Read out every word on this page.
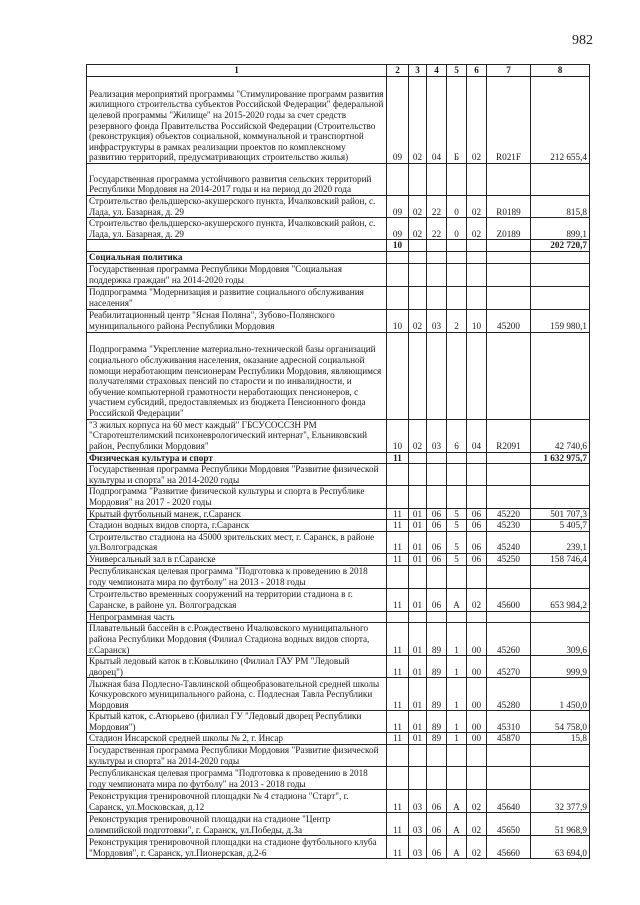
982
1	2	3	4	5	6	7	8
Реализация мероприятий программы "Стимулирование программ развития жилищного строительства субъектов Российской Федерации" федеральной целевой программы "Жилище" на 2015-2020 годы за счет средств резервного фонда Правительства Российской Федерации (Строительство (реконструкция) объектов социальной, коммунальной и транспортной инфраструктуры в рамках реализации проектов по комплексному развитию территорий, предусматривающих строительство жилья)	09	02	04	Б	02	R021F	212 655,4
Государственная программа устойчивого развития сельских территорий Республики Мордовия на 2014-2017 годы и на период до 2020 года							
Строительство фельдшерско-акушерского пункта, Ичалковский район, с. Лада, ул. Базарная, д. 29	09	02	22	0	02	R0189	815,8
Строительство фельдшерско-акушерского пункта, Ичалковский район, с. Лада, ул. Базарная, д. 29	09	02	22	0	02	Z0189	899,1
	10						202 720,7
Социальная политика							
Государственная программа Республики Мордовия "Социальная поддержка граждан" на 2014-2020 годы							
Подпрограмма "Модернизация и развитие социального обслуживания населения"							
Реабилитационный центр "Ясная Поляна", Зубово-Полянского муниципального района Республики Мордовия	10	02	03	2	10	45200	159 980,1
Подпрограмма "Укрепление материально-технической базы организаций социального обслуживания населения, оказание адресной социальной помощи неработающим пенсионерам Республики Мордовия, являющимся получателями страховых пенсий по старости и по инвалидности, и обучение компьютерной грамотности неработающих пенсионеров, с участием субсидий, предоставляемых из бюджета Пенсионного фонда Российской Федерации"							
"3 жилых корпуса на 60 мест каждый" ГБСУСОССЗН РМ "Старотештелимский психоневрологический интернат", Ельниковский район, Республики Мордовия"	10	02	03	6	04	R2091	42 740,6
Физическая культура и спорт	11						1 632 975,7
Государственная программа Республики Мордовия "Развитие физической культуры и спорта" на 2014-2020 годы							
Подпрограмма "Развитие физической культуры и спорта в Республике Мордовия" на 2017 - 2020 годы							
Крытый футбольный манеж, г.Саранск	11	01	06	5	06	45220	501 707,3
Стадион водных видов спорта, г.Саранск	11	01	06	5	06	45230	5 405,7
Строительство стадиона на 45000 зрительских мест, г. Саранск, в районе ул.Волгоградская	11	01	06	5	06	45240	239,1
Универсальный зал в г.Саранске	11	01	06	5	06	45250	158 746,4
Республиканская целевая программа "Подготовка к проведению в 2018 году чемпионата мира по футболу" на 2013 - 2018 годы							
Строительство временных сооружений на территории стадиона в г. Саранске, в районе ул. Волгоградская	11	01	06	А	02	45600	653 984,2
Непрограммная часть							
Плавательный бассейн в с.Рождествено Ичалковского муниципального района Республики Мордовия (Филиал Стадиона водных видов спорта, г.Саранск)	11	01	89	1	00	45260	309,6
Крытый ледовый каток в г.Ковылкино (Филиал ГАУ РМ "Ледовый дворец")	11	01	89	1	00	45270	999,9
Лыжная база Подлесно-Тавлинской общеобразовательной средней школы Кочкуровского муниципального района, с. Подлесная Тавла Республики Мордовия	11	01	89	1	00	45280	1 450,0
Крытый каток, с.Атюрьево (филиал ГУ "Ледовый дворец Республики Мордовия")	11	01	89	1	00	45310	54 758,0
Стадион Инсарской средней школы № 2, г. Инсар	11	01	89	1	00	45870	15,8
Государственная программа Республики Мордовия "Развитие физической культуры и спорта" на 2014-2020 годы							
Республиканская целевая программа "Подготовка к проведению в 2018 году чемпионата мира по футболу" на 2013 - 2018 годы							
Реконструкция тренировочной площадки № 4 стадиона "Старт", г. Саранск, ул.Московская, д.12	11	03	06	А	02	45640	32 377,9
Реконструкция тренировочной площадки на стадионе "Центр олимпийской подготовки", г. Саранск, ул.Победы, д.3а	11	03	06	А	02	45650	51 968,9
Реконструкция тренировочной площадки на стадионе футбольного клуба "Мордовия", г. Саранск, ул.Пионерская, д.2-6	11	03	06	А	02	45660	63 694,0
